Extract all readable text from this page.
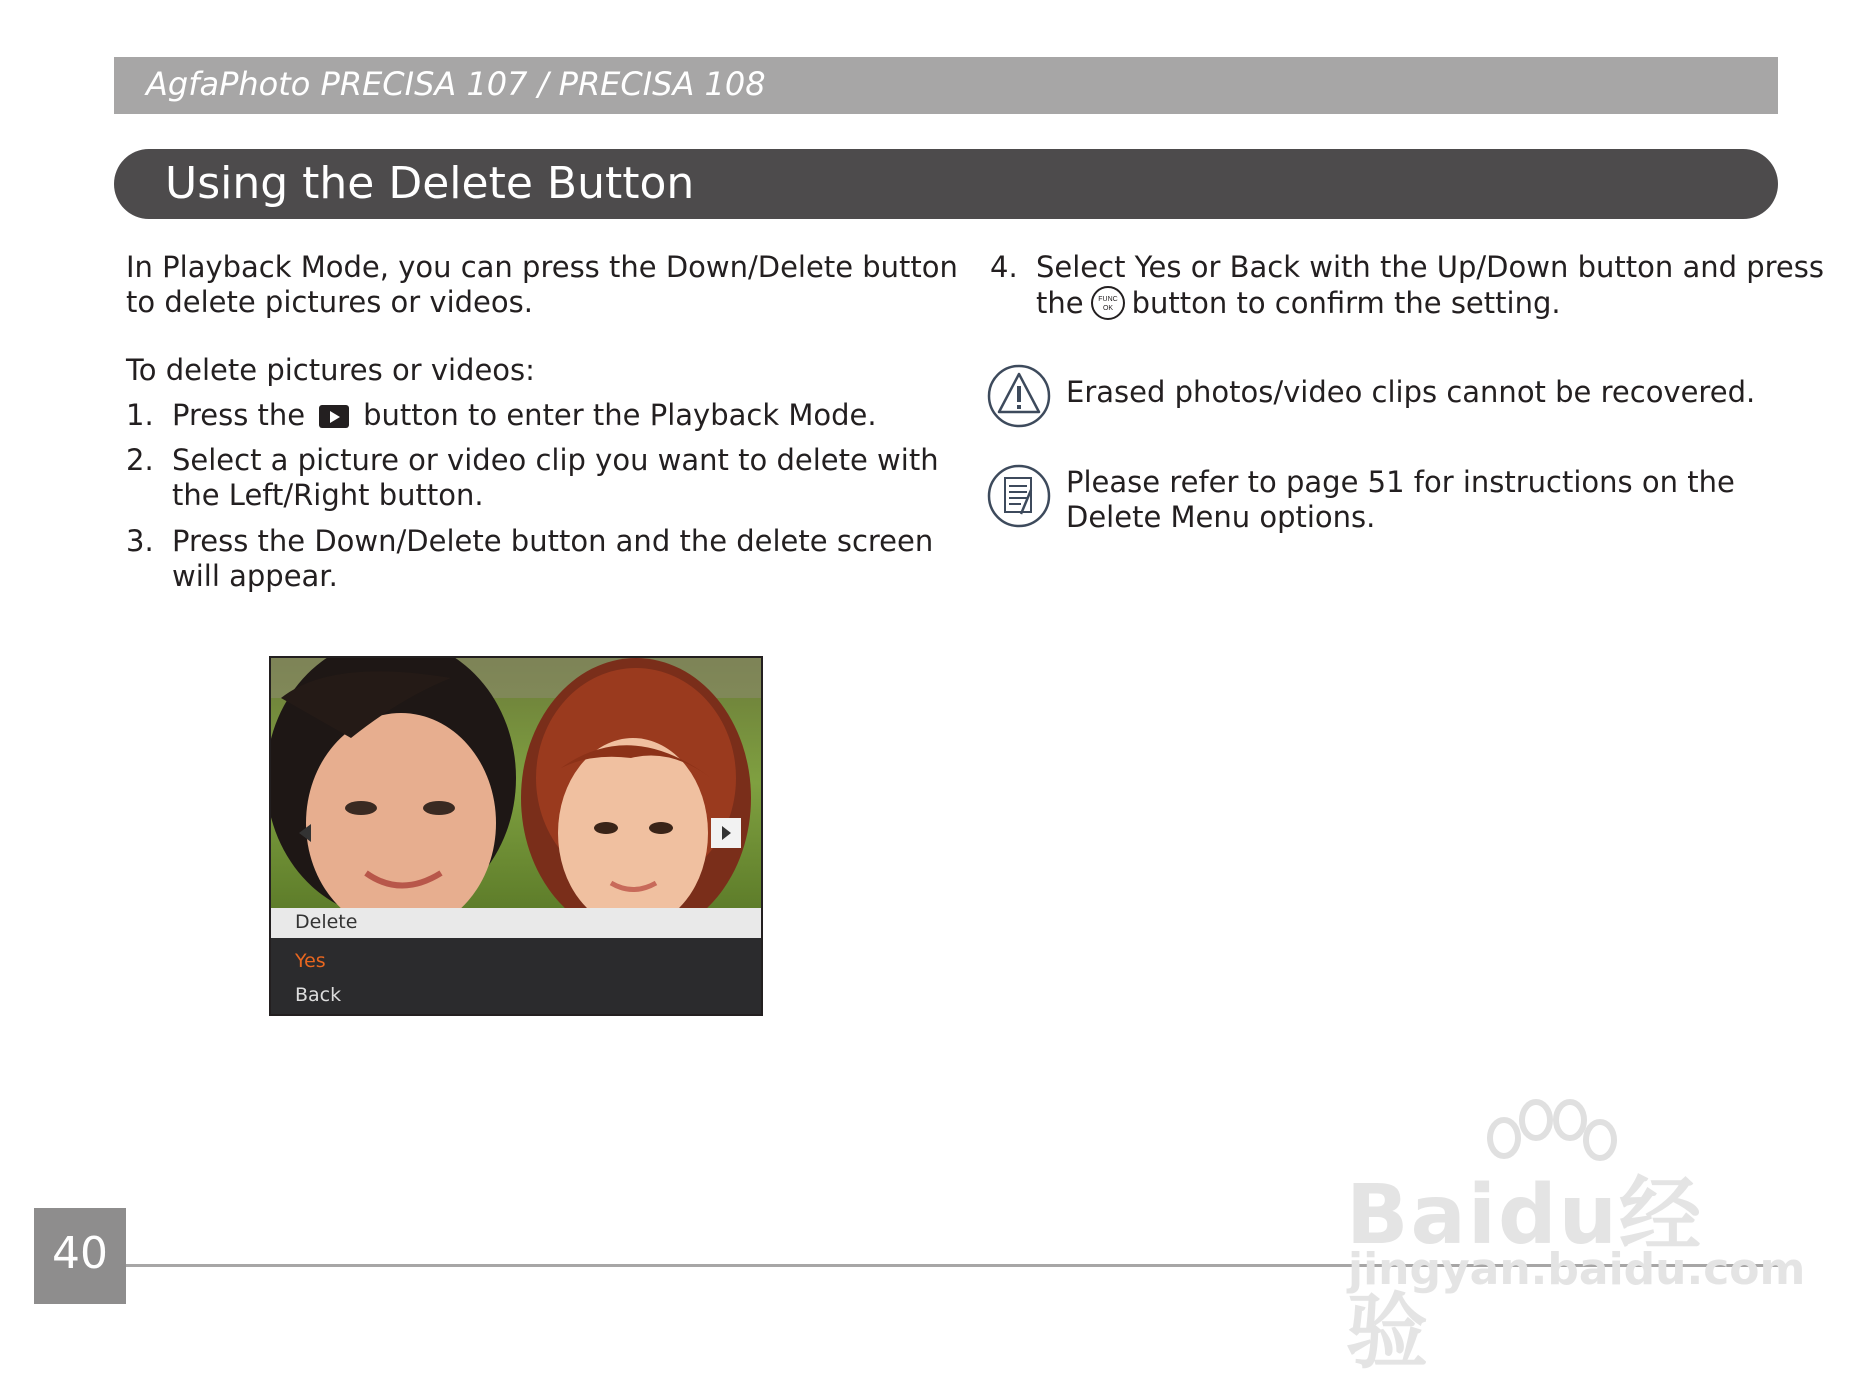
AgfaPhoto PRECISA 107 / PRECISA 108
Using the Delete Button
In Playback Mode, you can press the Down/Delete button
to delete pictures or videos.
To delete pictures or videos:
1. Press the button to enter the Playback Mode.
2. Select a picture or video clip you want to delete with
the Left/Right button.
3. Press the Down/Delete button and the delete screen
will appear.
Delete
Yes
Back
4. Select Yes or Back with the Up/Down button and press
the FUNC
OK button to confirm the setting.
Erased photos/video clips cannot be recovered.
Please refer to page 51 for instructions on the
Delete Menu options.
40	Baidu经验
jingyan.baidu.com
